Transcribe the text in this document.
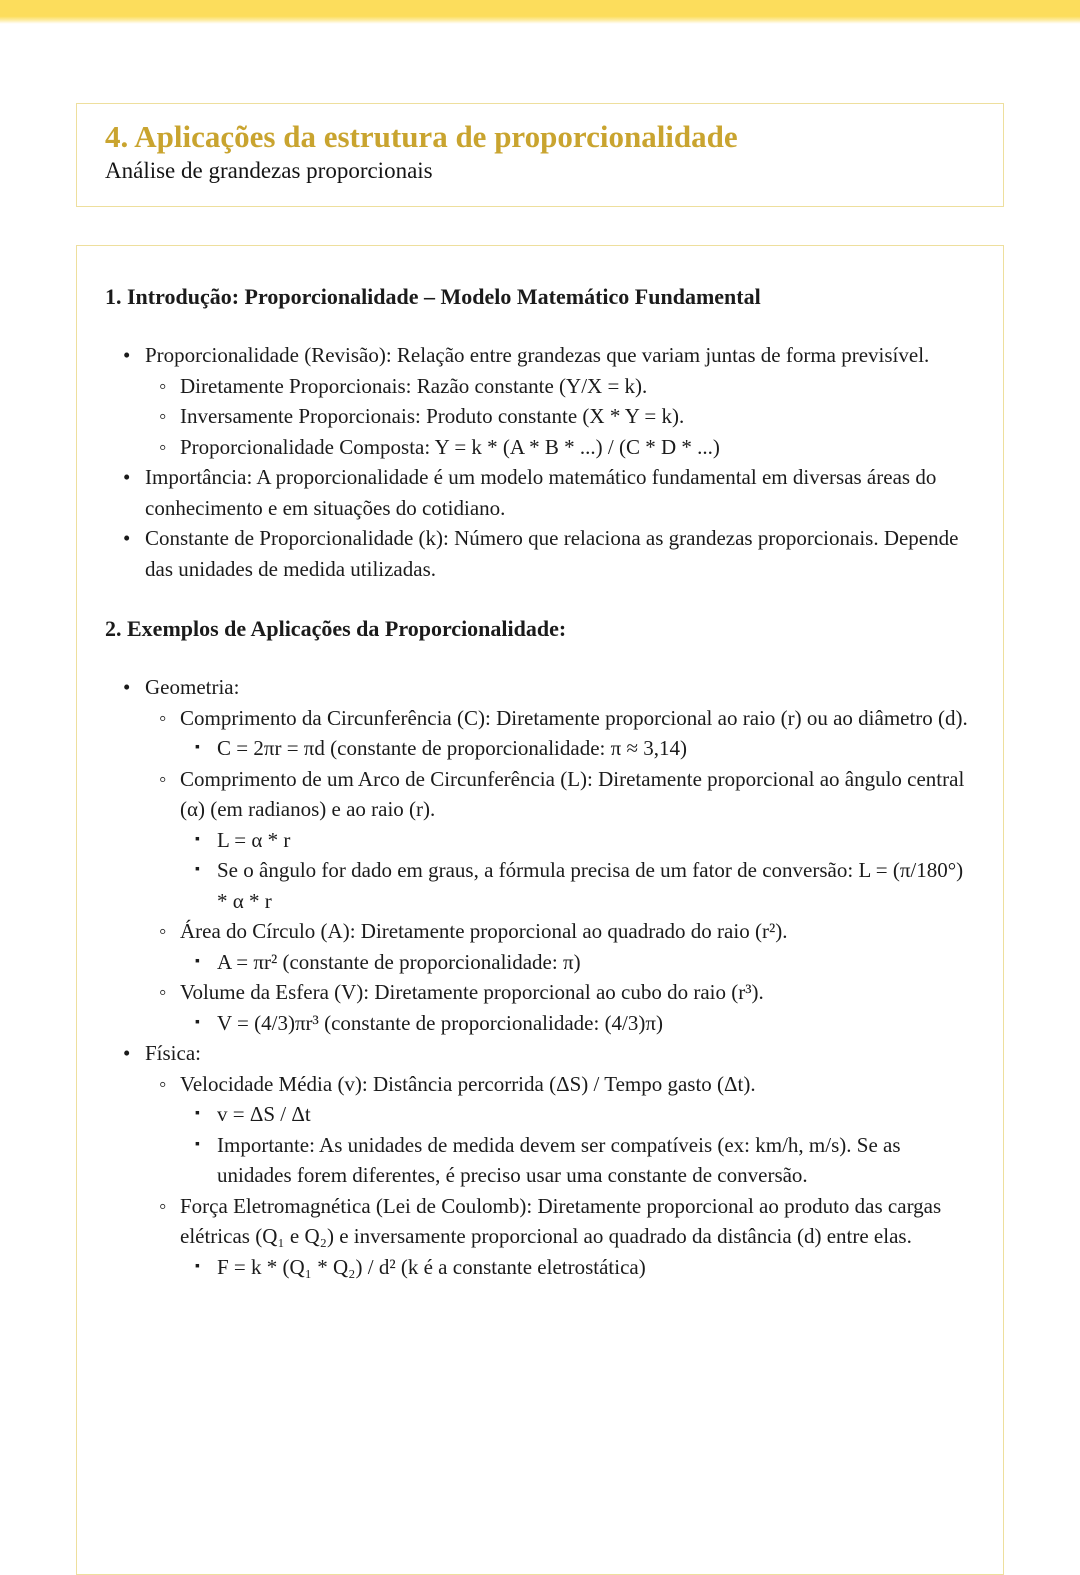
4. Aplicações da estrutura de proporcionalidade

Análise de grandezas proporcionais

1. Introdução: Proporcionalidade – Modelo Matemático Fundamental
• Proporcionalidade (Revisão): Relação entre grandezas que variam juntas de forma previsível.
◦ Diretamente Proporcionais: Razão constante (Y/X = k).
◦ Inversamente Proporcionais: Produto constante (X * Y = k).
◦ Proporcionalidade Composta: Y = k * (A * B * ...) / (C * D * ...)
• Importância: A proporcionalidade é um modelo matemático fundamental em diversas áreas do conhecimento e em situações do cotidiano.
• Constante de Proporcionalidade (k): Número que relaciona as grandezas proporcionais. Depende das unidades de medida utilizadas.
2. Exemplos de Aplicações da Proporcionalidade:
• Geometria:
◦ Comprimento da Circunferência (C): Diretamente proporcional ao raio (r) ou ao diâmetro (d).
▪ C = 2πr = πd (constante de proporcionalidade: π ≈ 3,14)
◦ Comprimento de um Arco de Circunferência (L): Diretamente proporcional ao ângulo central (α) (em radianos) e ao raio (r).
▪ L = α * r
▪ Se o ângulo for dado em graus, a fórmula precisa de um fator de conversão: L = (π/180°) * α * r
◦ Área do Círculo (A): Diretamente proporcional ao quadrado do raio (r²).
▪ A = πr² (constante de proporcionalidade: π)
◦ Volume da Esfera (V): Diretamente proporcional ao cubo do raio (r³).
▪ V = (4/3)πr³ (constante de proporcionalidade: (4/3)π)
• Física:
◦ Velocidade Média (v): Distância percorrida (ΔS) / Tempo gasto (Δt).
▪ v = ΔS / Δt
▪ Importante: As unidades de medida devem ser compatíveis (ex: km/h, m/s). Se as unidades forem diferentes, é preciso usar uma constante de conversão.
◦ Força Eletromagnética (Lei de Coulomb): Diretamente proporcional ao produto das cargas elétricas (Q₁ e Q₂) e inversamente proporcional ao quadrado da distância (d) entre elas.
▪ F = k * (Q₁ * Q₂) / d² (k é a constante eletrostática)
